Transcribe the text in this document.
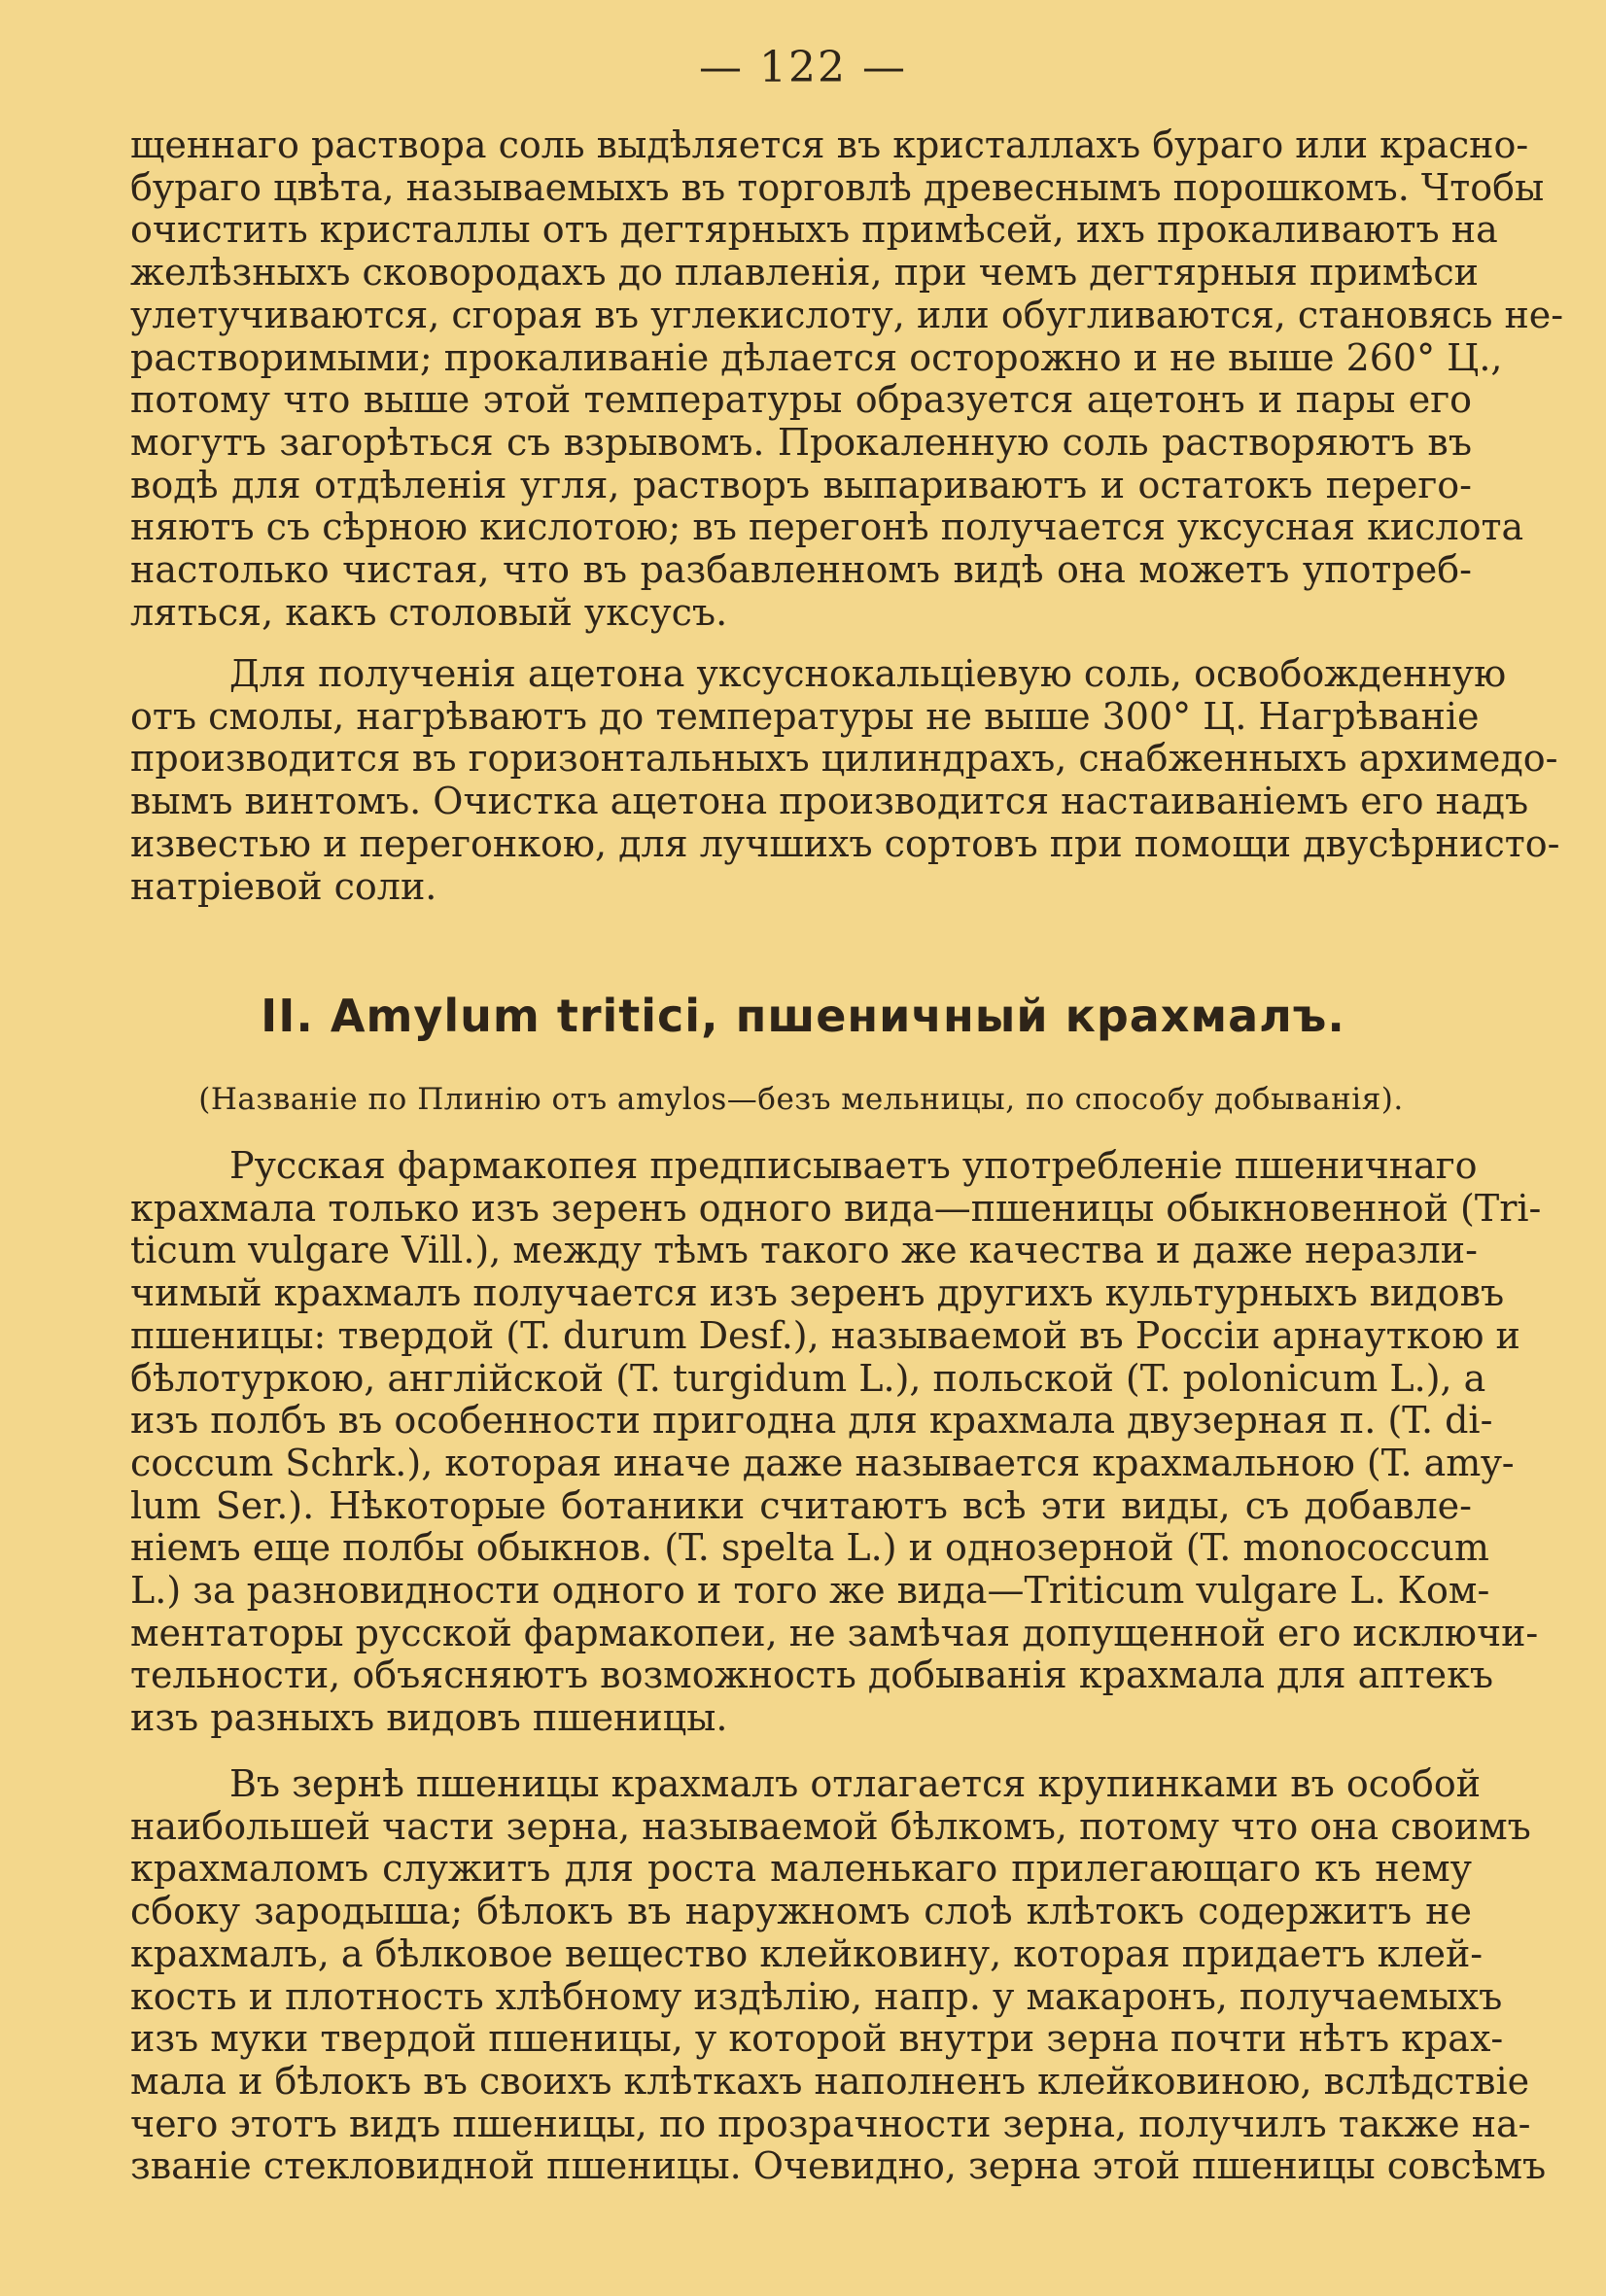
— 122 —
щеннаго раствора соль выдѣляется въ кристаллахъ бураго или красно-
бураго цвѣта, называемыхъ въ торговлѣ древеснымъ порошкомъ. Чтобы
очистить кристаллы отъ дегтярныхъ примѣсей, ихъ прокаливаютъ на
желѣзныхъ сковородахъ до плавленія, при чемъ дегтярныя примѣси
улетучиваются, сгорая въ углекислоту, или обугливаются, становясь не-
растворимыми; прокаливаніе дѣлается осторожно и не выше 260° Ц.,
потому что выше этой температуры образуется ацетонъ и пары его
могутъ загорѣться съ взрывомъ. Прокаленную соль растворяютъ въ
водѣ для отдѣленія угля, растворъ выпариваютъ и остатокъ перего-
няютъ съ сѣрною кислотою; въ перегонѣ получается уксусная кислота
настолько чистая, что въ разбавленномъ видѣ она можетъ употреб-
ляться, какъ столовый уксусъ.
Для полученія ацетона уксуснокальціевую соль, освобожденную
отъ смолы, нагрѣваютъ до температуры не выше 300° Ц. Нагрѣваніе
производится въ горизонтальныхъ цилиндрахъ, снабженныхъ архимедо-
вымъ винтомъ. Очистка ацетона производится настаиваніемъ его надъ
известью и перегонкою, для лучшихъ сортовъ при помощи двусѣрнисто-
натріевой соли.
II. Amylum tritici, пшеничный крахмалъ.
(Названіе по Плинію отъ amylos—безъ мельницы, по способу добыванія).
Русская фармакопея предписываетъ употребленіе пшеничнаго
крахмала только изъ зеренъ одного вида—пшеницы обыкновенной (Tri-
ticum vulgare Vill.), между тѣмъ такого же качества и даже неразли-
чимый крахмалъ получается изъ зеренъ другихъ культурныхъ видовъ
пшеницы: твердой (T. durum Desf.), называемой въ Россіи арнауткою и
бѣлотуркою, англійской (T. turgidum L.), польской (T. polonicum L.), а
изъ полбъ въ особенности пригодна для крахмала двузерная п. (T. di-
coccum Schrk.), которая иначе даже называется крахмальною (T. amy-
lum Ser.). Нѣкоторые ботаники считаютъ всѣ эти виды, съ добавле-
ніемъ еще полбы обыкнов. (T. spelta L.) и однозерной (T. monococcum
L.) за разновидности одного и того же вида—Triticum vulgare L. Ком-
ментаторы русской фармакопеи, не замѣчая допущенной его исключи-
тельности, объясняютъ возможность добыванія крахмала для аптекъ
изъ разныхъ видовъ пшеницы.
Въ зернѣ пшеницы крахмалъ отлагается крупинками въ особой
наибольшей части зерна, называемой бѣлкомъ, потому что она своимъ
крахмаломъ служитъ для роста маленькаго прилегающаго къ нему
сбоку зародыша; бѣлокъ въ наружномъ слоѣ клѣтокъ содержитъ не
крахмалъ, а бѣлковое вещество клейковину, которая придаетъ клей-
кость и плотность хлѣбному издѣлію, напр. у макаронъ, получаемыхъ
изъ муки твердой пшеницы, у которой внутри зерна почти нѣтъ крах-
мала и бѣлокъ въ своихъ клѣткахъ наполненъ клейковиною, вслѣдствіе
чего этотъ видъ пшеницы, по прозрачности зерна, получилъ также на-
званіе стекловидной пшеницы. Очевидно, зерна этой пшеницы совсѣмъ
